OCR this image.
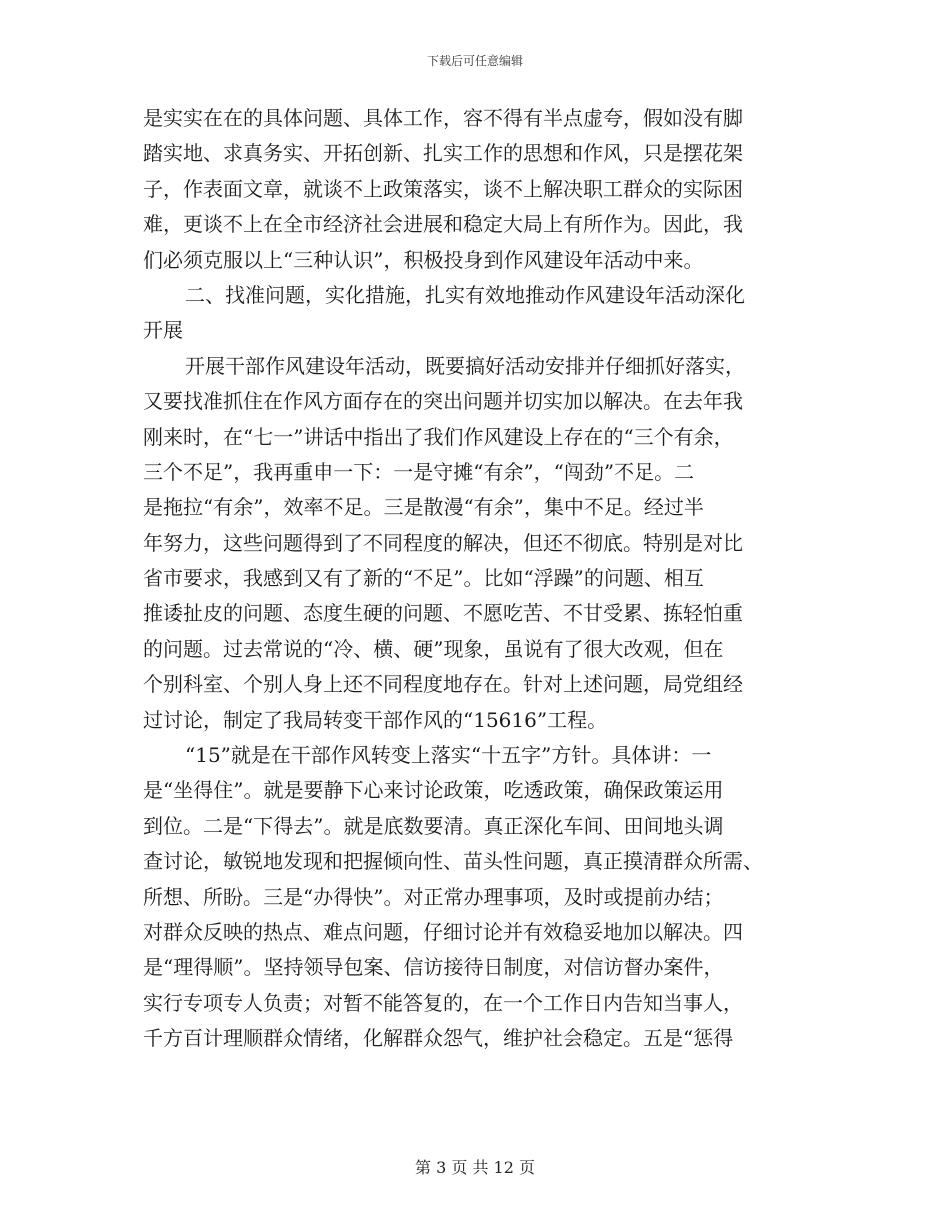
下载后可任意编辑
是实实在在的具体问题、具体工作，容不得有半点虚夸，假如没有脚
踏实地、求真务实、开拓创新、扎实工作的思想和作风，只是摆花架
子，作表面文章，就谈不上政策落实，谈不上解决职工群众的实际困
难，更谈不上在全市经济社会进展和稳定大局上有所作为。因此，我
们必须克服以上“三种认识”，积极投身到作风建设年活动中来。
二、找准问题，实化措施，扎实有效地推动作风建设年活动深化
开展
开展干部作风建设年活动，既要搞好活动安排并仔细抓好落实，
又要找准抓住在作风方面存在的突出问题并切实加以解决。在去年我
刚来时，在“七一”讲话中指出了我们作风建设上存在的“三个有余，
三个不足”，我再重申一下：一是守摊“有余”，“闯劲”不足。二
是拖拉“有余”，效率不足。三是散漫“有余”，集中不足。经过半
年努力，这些问题得到了不同程度的解决，但还不彻底。特别是对比
省市要求，我感到又有了新的“不足”。比如“浮躁”的问题、相互
推诿扯皮的问题、态度生硬的问题、不愿吃苦、不甘受累、拣轻怕重
的问题。过去常说的“冷、横、硬”现象，虽说有了很大改观，但在
个别科室、个别人身上还不同程度地存在。针对上述问题，局党组经
过讨论，制定了我局转变干部作风的“15616”工程。
“15”就是在干部作风转变上落实“十五字”方针。具体讲：一
是“坐得住”。就是要静下心来讨论政策，吃透政策，确保政策运用
到位。二是“下得去”。就是底数要清。真正深化车间、田间地头调
查讨论，敏锐地发现和把握倾向性、苗头性问题，真正摸清群众所需、
所想、所盼。三是“办得快”。对正常办理事项，及时或提前办结；
对群众反映的热点、难点问题，仔细讨论并有效稳妥地加以解决。四
是“理得顺”。坚持领导包案、信访接待日制度，对信访督办案件，
实行专项专人负责；对暂不能答复的，在一个工作日内告知当事人，
千方百计理顺群众情绪，化解群众怨气，维护社会稳定。五是“惩得
第 3 页 共 12 页
